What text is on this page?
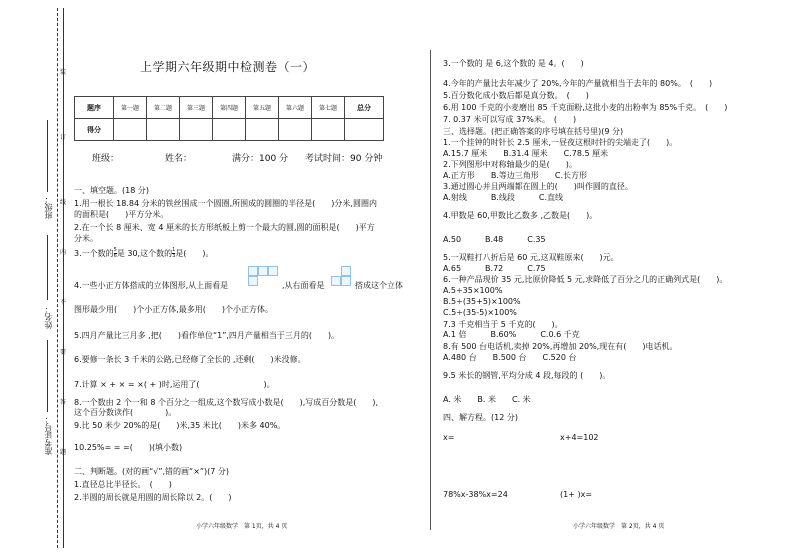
班级：
姓名：
准考证号：
装
订
线
内
不
要
答
题
上学期六年级期中检测卷（一）
题序	第一题	第二题	第三题	第四题	第五题	第六题	第七题	总分
得分								
班级：	姓名：	满分：100 分 考试时间：90 分钟
一、填空题。(18 分)
1.用一根长 18.84 分米的铁丝围成一个圆圈,所围成的圆圈的半径是(　　)分米,圆圈内
的面积是(　　)平方分米。
2.在一个长 8 厘米、宽 4 厘米的长方形纸板上剪一个最大的圆,圆的面积是(　　)平方
分米。
3.一个数的 $\frac{5}{6}$ 是 30,这个数的 $\frac{1}{3}$ 是(　　)。
4.一些小正方体搭成的立体图形,从上面看是	,从右面看是	搭成这个立体
图形最少用(　　)个小正方体,最多用(　　)个小正方体。
5.四月产量比三月多 ,把(　　)看作单位“1”,四月产量相当于三月的(　　)。
6.要修一条长 3 千米的公路,已经修了全长的 ,还剩(　　)米没修。
7.计算 × + × = ×( + )时,运用了(　　　　　　　　)。
8.一个数由 2 个一和 8 个百分之一组成,这个数写成小数是(　　),写成百分数是(　　),
这个百分数读作(　　　　)。
9.比 50 米少 20%的是(　　)米,35 米比(　　)米多 40%。
10.25%= = =(　　)(填小数)
二、判断题。(对的画“√”,错的画“×”)(7 分)
1.直径总比半径长。　(　　)
2.半圆的周长就是用圆的周长除以 2。(　　)
小学六年级数学　第 1页，共 4 页
3.一个数的 是 6,这个数的 是 4。(　　)
4.今年的产量比去年减少了 20%,今年的产量就相当于去年的 80%。　(　　)
5.百分数化成小数后都是真分数。　(　　)
6.用 100 千克的小麦磨出 85 千克面粉,这批小麦的出粉率为 85%千克。　(　　)
7. 0.37 米可以写成 37%米。　(　　)
三、选择题。(把正确答案的序号填在括号里)(9 分)
1.一个挂钟的时针长 2.5 厘米,一昼夜这根时针的尖端走了(　　)。
A.15.7 厘米　　B.31.4 厘米　　C.78.5 厘米
2.下列图形中对称轴最少的是(　　)。
A.正方形　　B.等边三角形　　C.长方形
3.通过圆心并且两端都在圆上的(　　)叫作圆的直径。
A.射线　　　B.线段　　　C.直线
4.甲数是 60,甲数比乙数多 ,乙数是(　　)。
A.50　　　B.48　　　C.35
5.一双鞋打八折后是 60 元,这双鞋原来(　　)元。
A.65　　　B.72　　　C.75
6.一种产品现价 35 元,比原价降低 5 元,求降低了百分之几的正确列式是(　　)。
A.5÷35×100%
B.5÷(35+5)×100%
C.5÷(35-5)×100%
7.3 千克相当于 5 千克的(　　)。
A.1 倍　　　B.60%　　　C.0.6 千克
8.有 500 台电话机,卖掉 20%,再增加 20%,现在有(　　)电话机。
A.480 台　　B.500 台　　C.520 台
9.5 米长的钢管,平均分成 4 段,每段的 (　　)。
A. 米　　B. 米　　C. 米
四、解方程。(12 分)
x=	x+4=102
78%x-38%x=24	(1+ )x=
小学六年级数学　第 2页，共 4 页
